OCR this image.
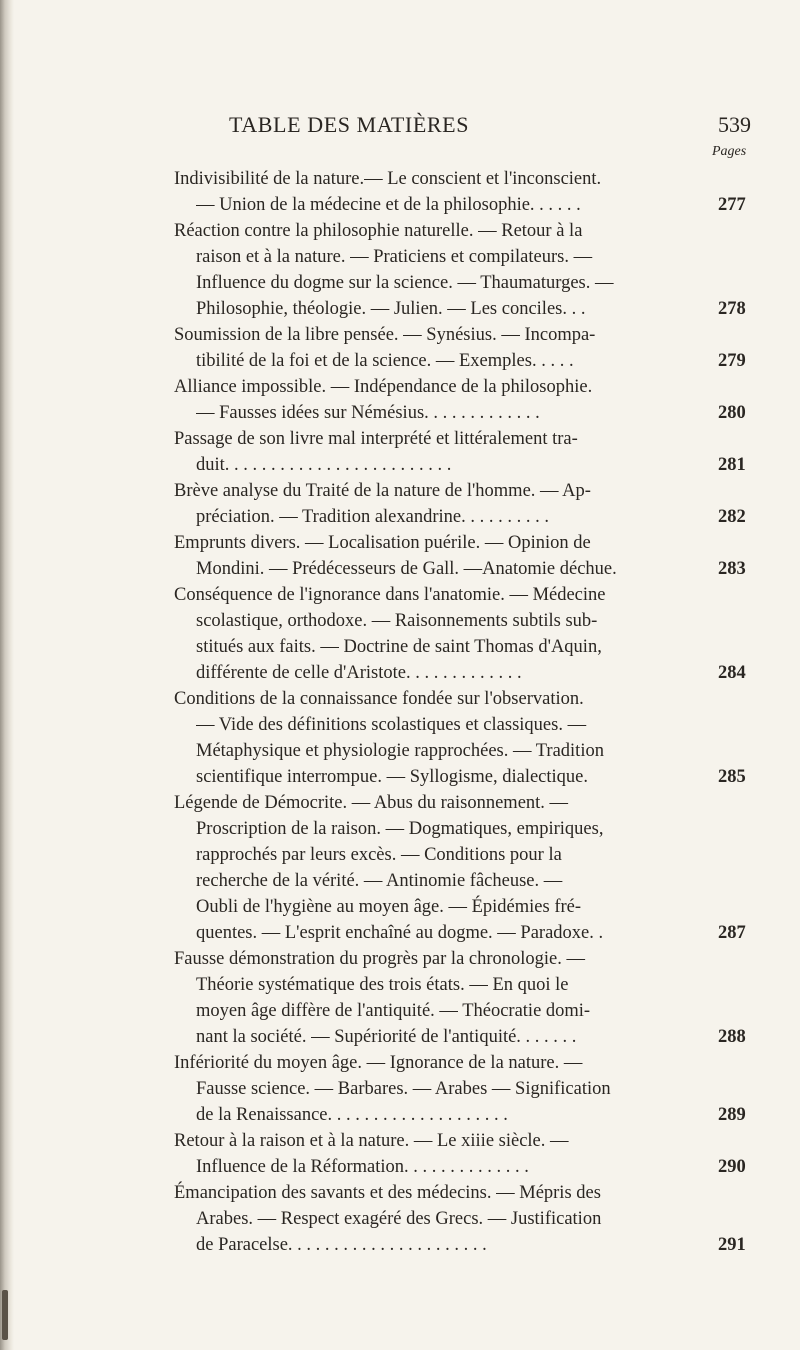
TABLE DES MATIÈRES	539
Pages
Indivisibilité de la nature.— Le conscient et l'inconscient.
— Union de la médecine et de la philosophie. . . . . .	277
Réaction contre la philosophie naturelle. — Retour à la
raison et à la nature. — Praticiens et compilateurs. —
Influence du dogme sur la science. — Thaumaturges. —
Philosophie, théologie. — Julien. — Les conciles. . .	278
Soumission de la libre pensée. — Synésius. — Incompa-
tibilité de la foi et de la science. — Exemples. . . . .	279
Alliance impossible. — Indépendance de la philosophie.
— Fausses idées sur Némésius. . . . . . . . . . . . .	280
Passage de son livre mal interprété et littéralement tra-
duit. . . . . . . . . . . . . . . . . . . . . . . . .	281
Brève analyse du Traité de la nature de l'homme. — Ap-
préciation. — Tradition alexandrine. . . . . . . . . .	282
Emprunts divers. — Localisation puérile. — Opinion de
Mondini. — Prédécesseurs de Gall. —Anatomie déchue.	283
Conséquence de l'ignorance dans l'anatomie. — Médecine
scolastique, orthodoxe. — Raisonnements subtils sub-
stitués aux faits. — Doctrine de saint Thomas d'Aquin,
différente de celle d'Aristote. . . . . . . . . . . . .	284
Conditions de la connaissance fondée sur l'observation.
— Vide des définitions scolastiques et classiques. —
Métaphysique et physiologie rapprochées. — Tradition
scientifique interrompue. — Syllogisme, dialectique.	285
Légende de Démocrite. — Abus du raisonnement. —
Proscription de la raison. — Dogmatiques, empiriques,
rapprochés par leurs excès. — Conditions pour la
recherche de la vérité. — Antinomie fâcheuse. —
Oubli de l'hygiène au moyen âge. — Épidémies fré-
quentes. — L'esprit enchaîné au dogme. — Paradoxe. .	287
Fausse démonstration du progrès par la chronologie. —
Théorie systématique des trois états. — En quoi le
moyen âge diffère de l'antiquité. — Théocratie domi-
nant la société. — Supériorité de l'antiquité. . . . . . .	288
Infériorité du moyen âge. — Ignorance de la nature. —
Fausse science. — Barbares. — Arabes — Signification
de la Renaissance. . . . . . . . . . . . . . . . . . . .	289
Retour à la raison et à la nature. — Le xiiie siècle. —
Influence de la Réformation. . . . . . . . . . . . . .	290
Émancipation des savants et des médecins. — Mépris des
Arabes. — Respect exagéré des Grecs. — Justification
de Paracelse. . . . . . . . . . . . . . . . . . . . . .	291
